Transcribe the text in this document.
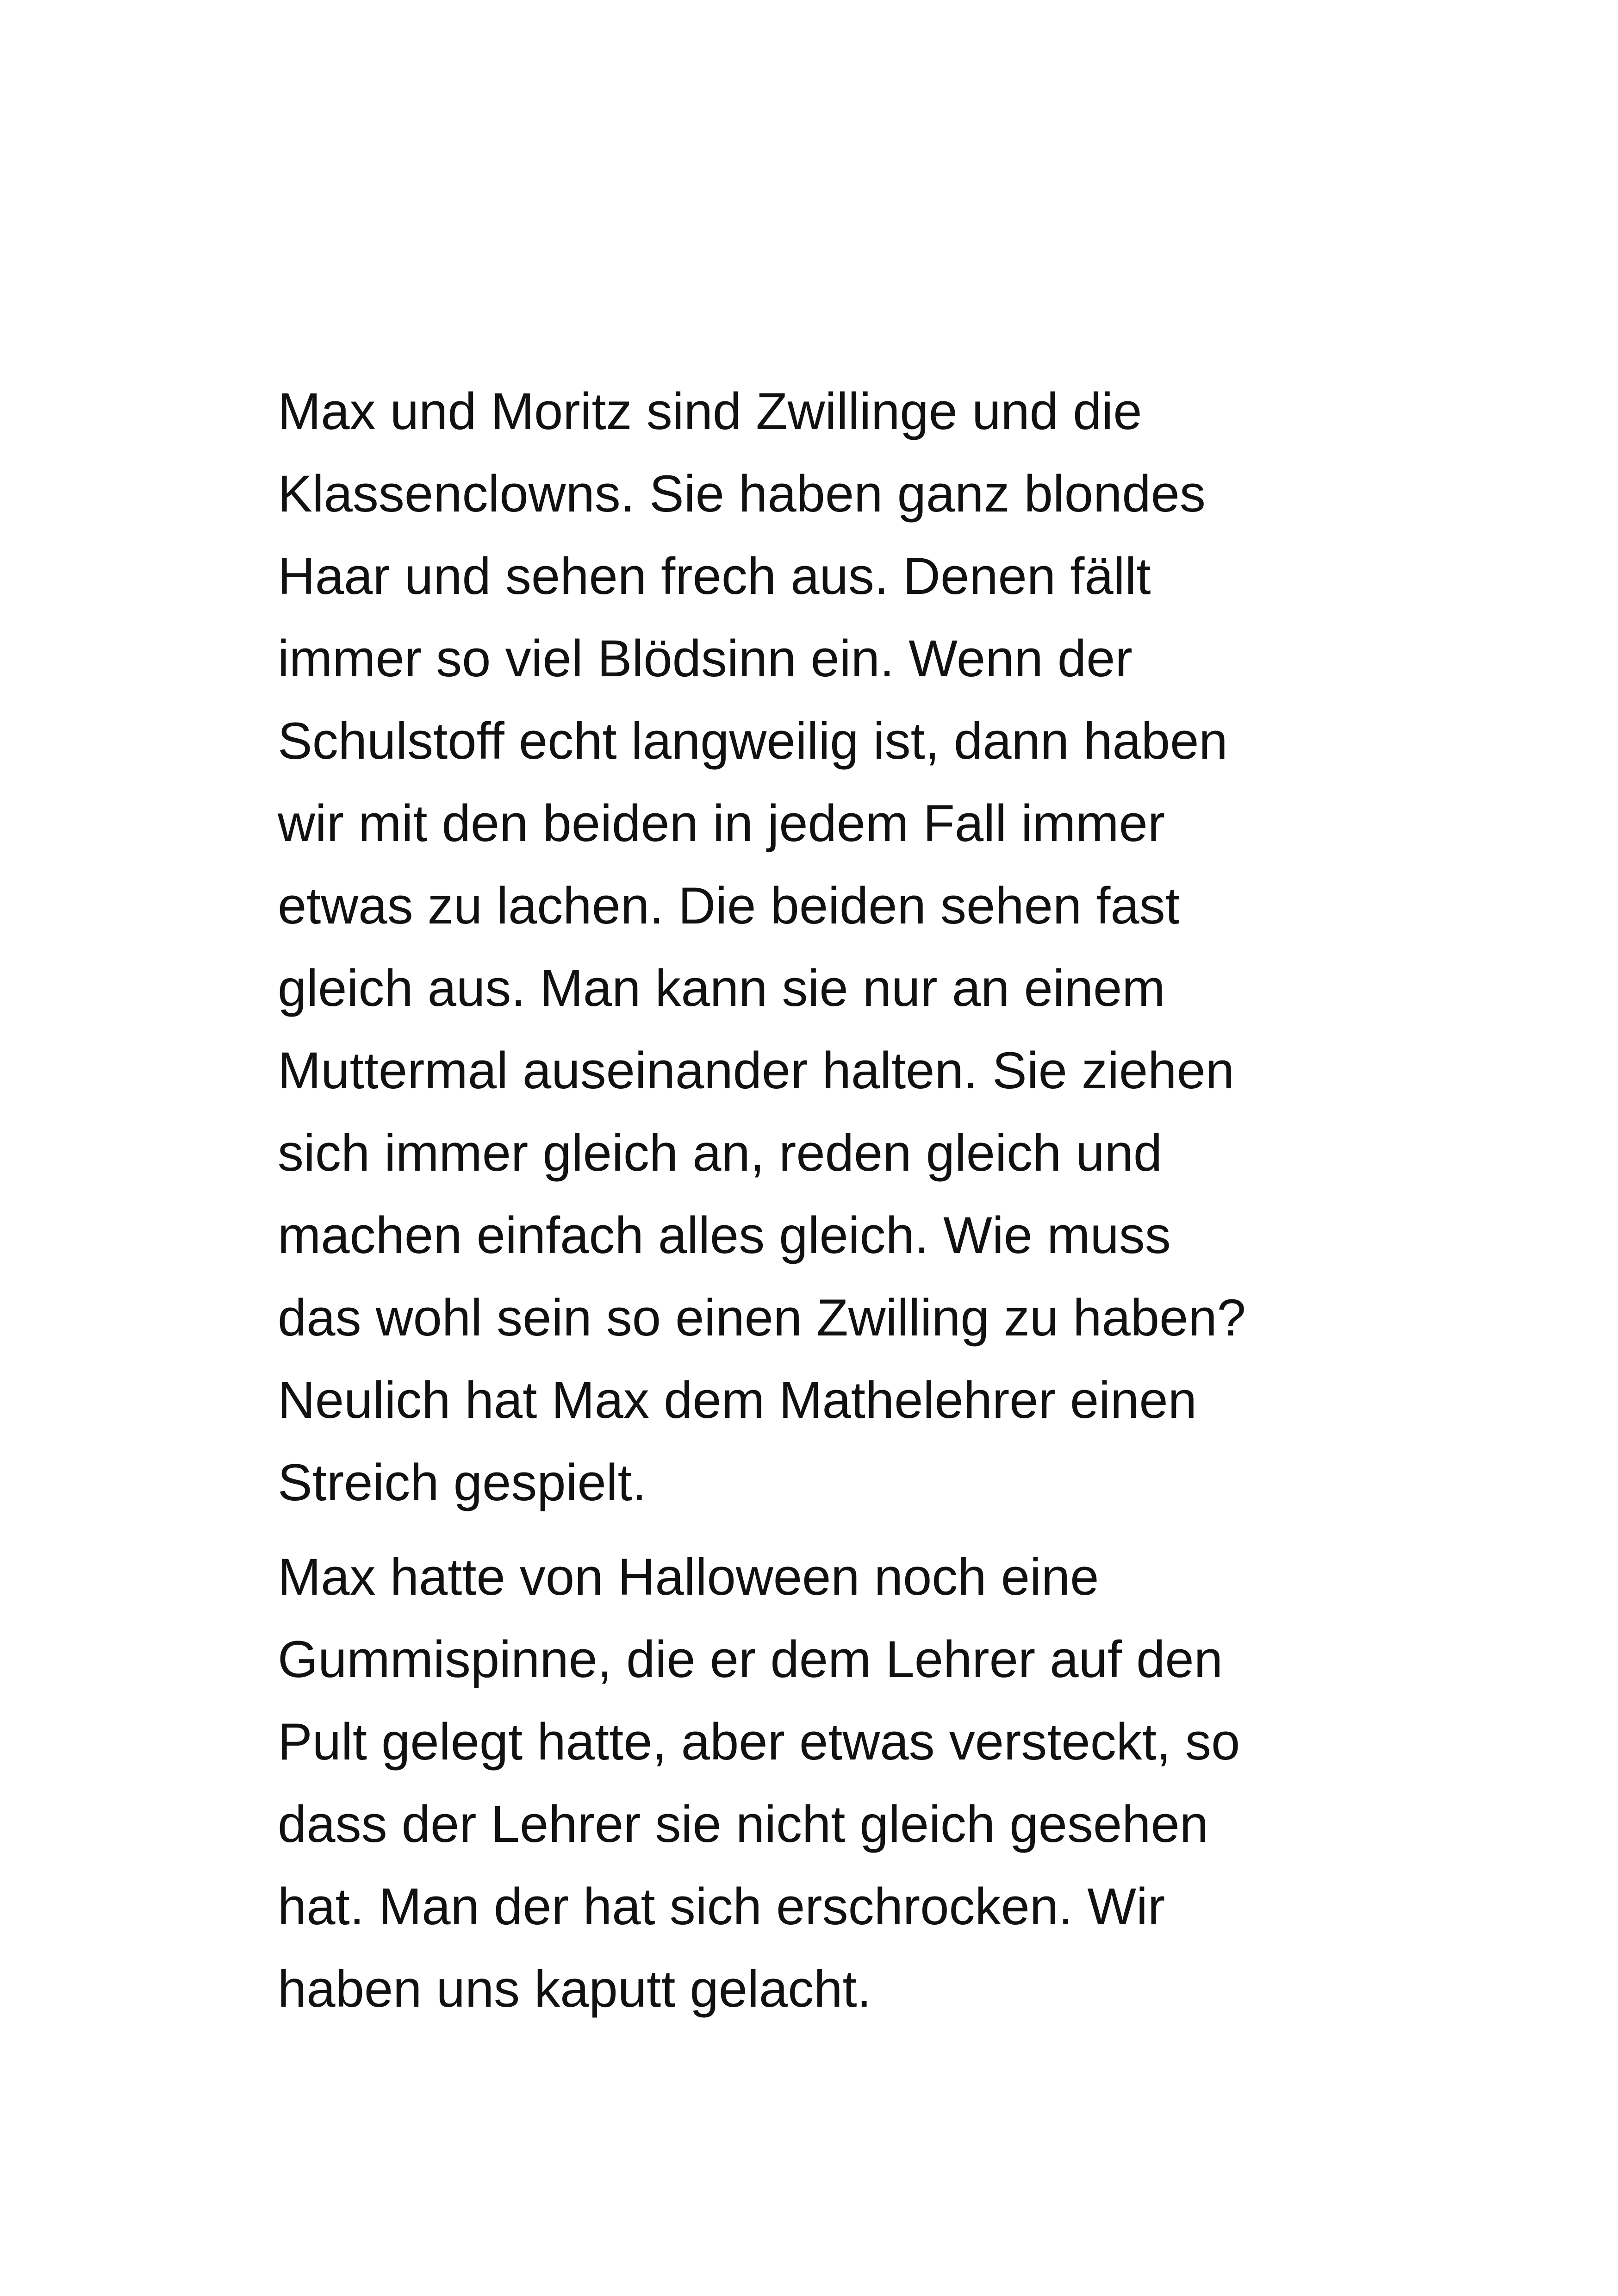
Max und Moritz sind Zwillinge und die
Klassenclowns. Sie haben ganz blondes
Haar und sehen frech aus. Denen fällt
immer so viel Blödsinn ein. Wenn der
Schulstoff echt langweilig ist, dann haben
wir mit den beiden in jedem Fall immer
etwas zu lachen. Die beiden sehen fast
gleich aus. Man kann sie nur an einem
Muttermal auseinander halten. Sie ziehen
sich immer gleich an, reden gleich und
machen einfach alles gleich. Wie muss
das wohl sein so einen Zwilling zu haben?
Neulich hat Max dem Mathelehrer einen
Streich gespielt.

Max hatte von Halloween noch eine
Gummispinne, die er dem Lehrer auf den
Pult gelegt hatte, aber etwas versteckt, so
dass der Lehrer sie nicht gleich gesehen
hat. Man der hat sich erschrocken. Wir
haben uns kaputt gelacht.
